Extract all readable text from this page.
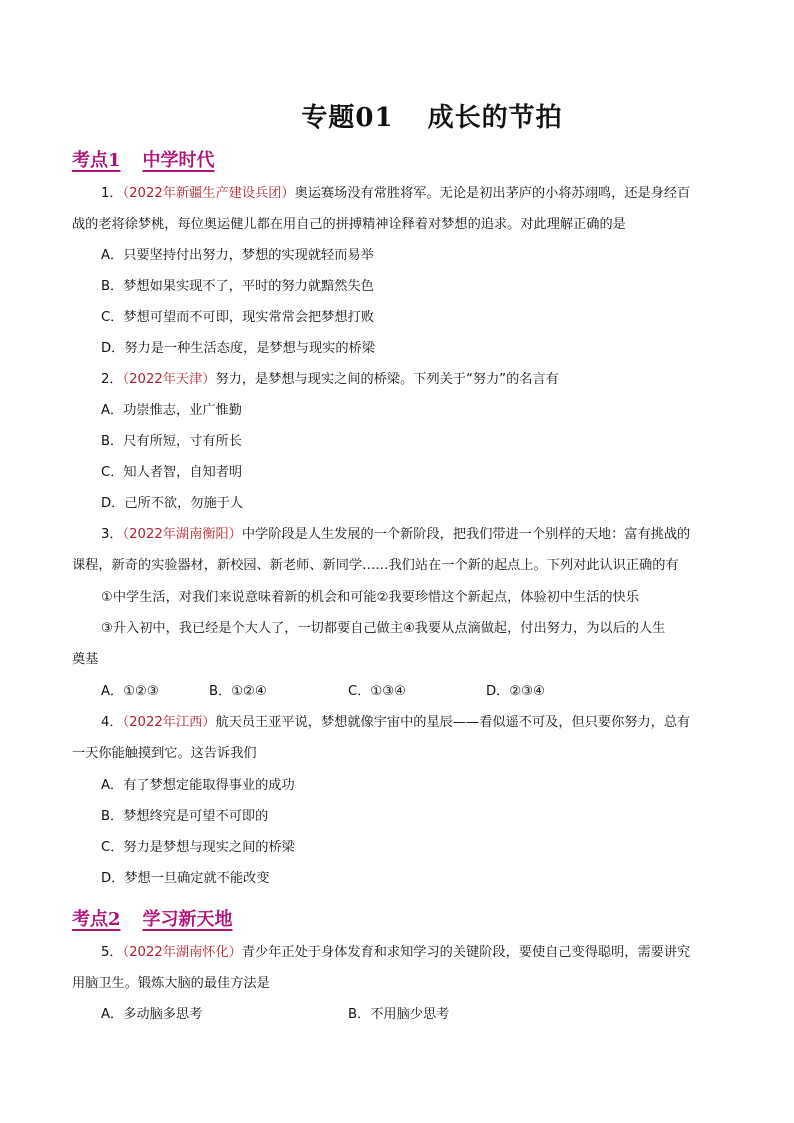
专题01 成长的节拍
考点1 中学时代
1．（2022年新疆生产建设兵团）奥运赛场没有常胜将军。无论是初出茅庐的小将苏翊鸣，还是身经百
战的老将徐梦桃，每位奥运健儿都在用自己的拼搏精神诠释着对梦想的追求。对此理解正确的是
A．只要坚持付出努力，梦想的实现就轻而易举
B．梦想如果实现不了，平时的努力就黯然失色
C．梦想可望而不可即，现实常常会把梦想打败
D．努力是一种生活态度，是梦想与现实的桥梁
2．（2022年天津）努力，是梦想与现实之间的桥梁。下列关于“努力”的名言有
A．功崇惟志，业广惟勤
B．尺有所短，寸有所长
C．知人者智，自知者明
D．己所不欲，勿施于人
3．（2022年湖南衡阳）中学阶段是人生发展的一个新阶段，把我们带进一个别样的天地：富有挑战的
课程，新奇的实验器材，新校园、新老师、新同学……我们站在一个新的起点上。下列对此认识正确的有
①中学生活，对我们来说意味着新的机会和可能②我要珍惜这个新起点，体验初中生活的快乐
③升入初中，我已经是个大人了，一切都要自己做主④我要从点滴做起，付出努力，为以后的人生
奠基
A．①②③	B．①②④	C．①③④	D．②③④
4．（2022年江西）航天员王亚平说，梦想就像宇宙中的星辰——看似遥不可及，但只要你努力，总有
一天你能触摸到它。这告诉我们
A．有了梦想定能取得事业的成功
B．梦想终究是可望不可即的
C．努力是梦想与现实之间的桥梁
D．梦想一旦确定就不能改变
考点2 学习新天地
5．（2022年湖南怀化）青少年正处于身体发育和求知学习的关键阶段，要使自己变得聪明，需要讲究
用脑卫生。锻炼大脑的最佳方法是
A．多动脑多思考	B．不用脑少思考
